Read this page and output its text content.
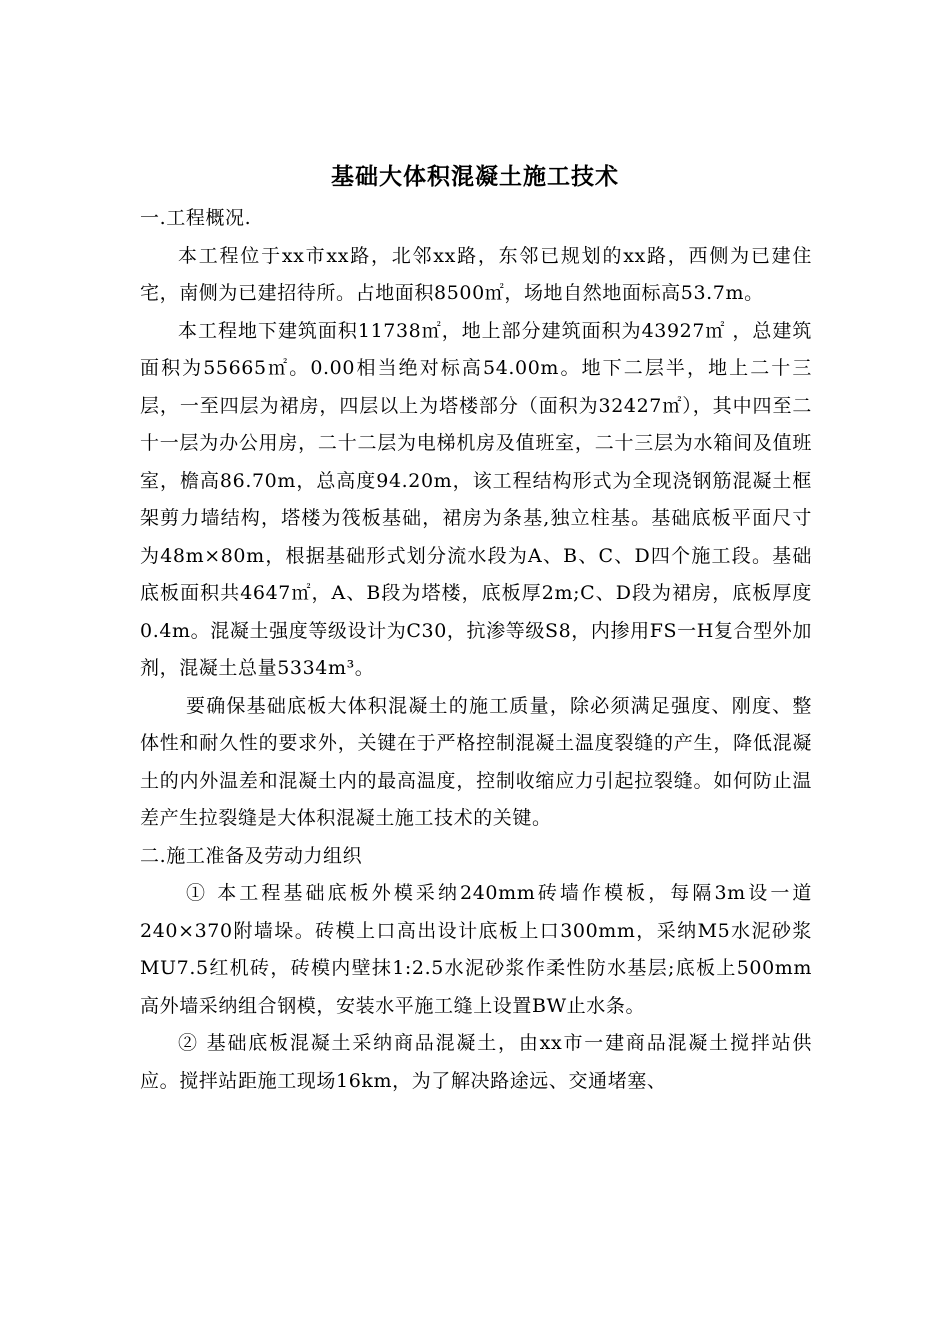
基础大体积混凝土施工技术

一.工程概况.

本工程位于xx市xx路，北邻xx路，东邻已规划的xx路，西侧为已建住宅，南侧为已建招待所。占地面积8500㎡，场地自然地面标高53.7m。

本工程地下建筑面积11738㎡，地上部分建筑面积为43927㎡ ，总建筑面积为55665㎡。0.00相当绝对标高54.00m。地下二层半，地上二十三层，一至四层为裙房，四层以上为塔楼部分（面积为32427㎡），其中四至二十一层为办公用房，二十二层为电梯机房及值班室，二十三层为水箱间及值班室，檐高86.70m，总高度94.20m，该工程结构形式为全现浇钢筋混凝土框架剪力墙结构，塔楼为筏板基础，裙房为条基,独立柱基。基础底板平面尺寸为48m×80m，根据基础形式划分流水段为A、B、C、D四个施工段。基础底板面积共4647㎡，A、B段为塔楼，底板厚2m;C、D段为裙房，底板厚度0.4m。混凝土强度等级设计为C30，抗渗等级S8，内掺用FS一H复合型外加剂，混凝土总量5334m³。

要确保基础底板大体积混凝土的施工质量，除必须满足强度、刚度、整体性和耐久性的要求外，关键在于严格控制混凝土温度裂缝的产生，降低混凝土的内外温差和混凝土内的最高温度，控制收缩应力引起拉裂缝。如何防止温差产生拉裂缝是大体积混凝土施工技术的关键。

二.施工准备及劳动力组织

① 本工程基础底板外模采纳240mm砖墙作模板，每隔3m设一道240×370附墙垛。砖模上口高出设计底板上口300mm，采纳M5水泥砂浆MU7.5红机砖，砖模内壁抹1:2.5水泥砂浆作柔性防水基层;底板上500mm高外墙采纳组合钢模，安装水平施工缝上设置BW止水条。

② 基础底板混凝土采纳商品混凝土，由xx市一建商品混凝土搅拌站供应。搅拌站距施工现场16km，为了解决路途远、交通堵塞、
